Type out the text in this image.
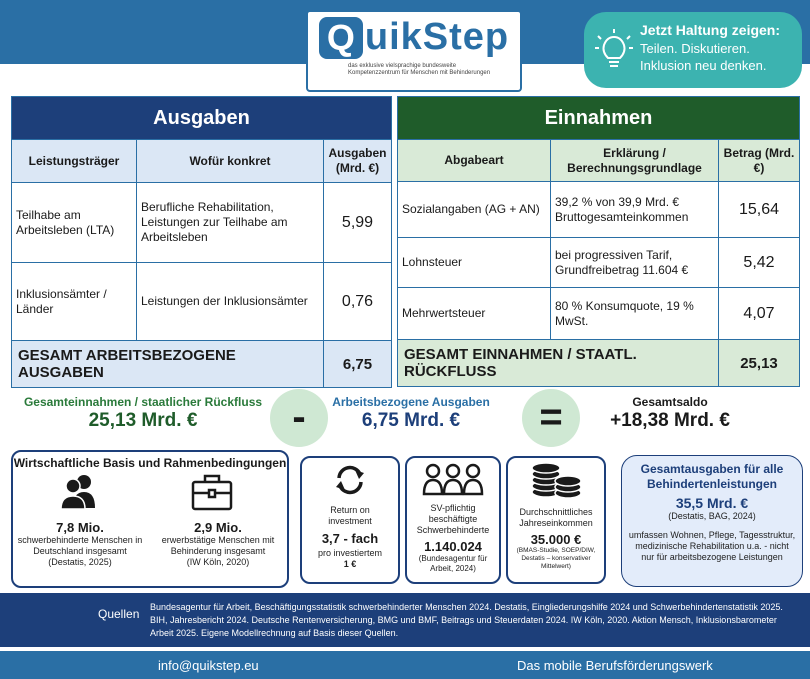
Q uikStep
das exklusive vielsprachige bundesweite
Kompetenzzentrum für Menschen mit Behinderungen
Jetzt Haltung zeigen:
Teilen. Diskutieren.
Inklusion neu denken.
Ausgaben		
Leistungsträger	Wofür konkret	Ausgaben (Mrd. €)
Teilhabe am Arbeitsleben (LTA)	Berufliche Rehabilitation, Leistungen zur Teilhabe am Arbeitsleben	5,99
Inklusionsämter / Länder	Leistungen der Inklusionsämter	0,76
GESAMT ARBEITSBEZOGENE AUSGABEN		6,75
Einnahmen		
Abgabeart	Erklärung / Berechnungsgrundlage	Betrag (Mrd. €)
Sozialangaben (AG + AN)	39,2 % von 39,9 Mrd. € Bruttogesamteinkommen	15,64
Lohnsteuer	bei progressiven Tarif, Grundfreibetrag 11.604 €	5,42
Mehrwertsteuer	80 % Konsumquote, 19 % MwSt.	4,07
GESAMT EINNAHMEN / STAATL. RÜCKFLUSS		25,13
Gesamteinnahmen / staatlicher Rückfluss
25,13 Mrd. €	-	Arbeitsbezogene Ausgaben
6,75 Mrd. €	=	Gesamtsaldo
+18,38 Mrd. €
Wirtschaftliche Basis und Rahmenbedingungen
7,8 Mio.
schwerbehinderte Menschen in Deutschland insgesamt
(Destatis, 2025)
2,9 Mio.
erwerbstätige Menschen mit Behinderung insgesamt
(IW Köln, 2020)
Return on investment
3,7 - fach
pro investiertem
1 €
SV-pflichtig beschäftigte Schwerbehinderte
1.140.024
(Bundesagentur für Arbeit, 2024)
Durchschnittliches Jahreseinkommen
35.000 €
(BMAS-Studie, SOEP/DIW, Destatis – konservativer Mittelwert)
Gesamtausgaben für alle Behindertenleistungen
35,5 Mrd. €
(Destatis, BAG, 2024)
umfassen Wohnen, Pflege, Tagesstruktur, medizinische Rehabilitation u.a. - nicht nur für arbeitsbezogene Leistungen
Quellen Bundesagentur für Arbeit, Beschäftigungsstatistik schwerbehinderter Menschen 2024. Destatis, Eingliederungshilfe 2024 und Schwerbehindertenstatistik 2025. BIH, Jahresbericht 2024. Deutsche Rentenversicherung, BMG und BMF, Beitrags und Steuerdaten 2024. IW Köln, 2020. Aktion Mensch, Inklusionsbarometer Arbeit 2025. Eigene Modellrechnung auf Basis dieser Quellen.
info@quikstep.eu	Das mobile Berufsförderungswerk
